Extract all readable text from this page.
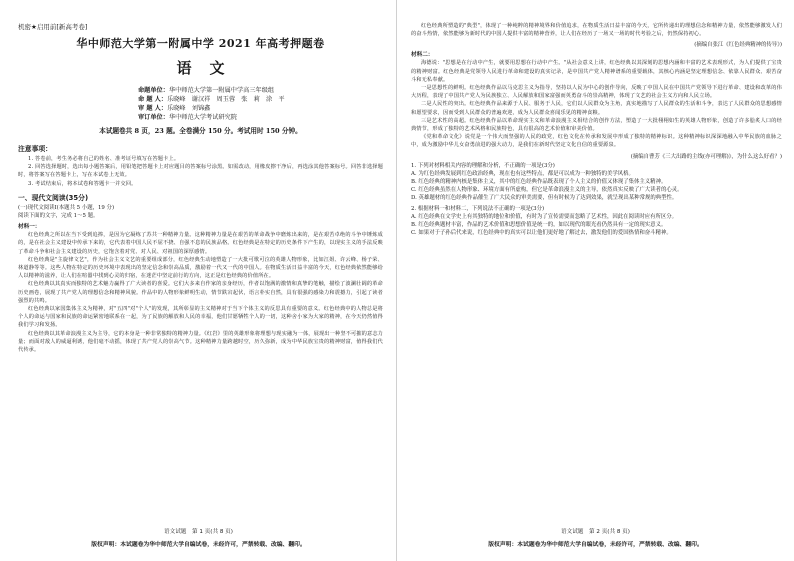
机密★启用前[新高考卷]
华中师范大学第一附属中学 2021 年高考押题卷
语文
命题单位：华中师范大学第一附属中学高三年级组
命 题 人：乐晓峰　谢汉祥　周玉蓉　张　莉　涂　平
审 题 人：乐晓峰　刘锦鑫
审订单位：华中师范大学考试研究院
本试题卷共 8 页，23 题。全卷满分 150 分。考试用时 150 分钟。
注意事项：

1. 答卷前，考生务必将自己的姓名、准考证号填写在答题卡上。

2. 回答选择题时，选出每小题答案后，用铅笔把答题卡上对应题目的答案标号涂黑。如需改动，用橡皮擦干净后，再选涂其他答案标号。回答非选择题时，将答案写在答题卡上，写在本试卷上无效。

3. 考试结束后，将本试卷和答题卡一并交回。

一、现代文阅读(35分)

(一)现代文阅读Ⅰ(本题共 5 小题，19 分)

阅读下面的文字，完成 1～5 题。

材料一：

红色经典之所以在当下受到追捧，是因为它凝练了苏共一种精神力量。这种精神力量是在艰苦的革命战争中磨炼出来的，是在艰苦卓绝的斗争中锤炼成的，是在社会主义建设中传承下来的，它代表着中国人民不屈不挠、自强不息的民族品格。红色经典是在特定的历史条件下产生的，以现实主义的手法反映了革命斗争和社会主义建设的历史，它饱含着对党、对人民、对祖国的深厚感情。

红色经典是"主旋律文艺"，作为社会主义文艺的重要组成部分，红色经典生动地塑造了一大批可歌可泣的英雄人物形象，比如江姐、许云峰、杨子荣、林道静等等。这些人物在特定的历史环境中表现出的坚定信念和崇高品质，激励着一代又一代的中国人。在物质生活日益丰富的今天，红色经典依然能够给人以精神的滋养，让人们在喧嚣中找到心灵的归宿，在迷茫中坚定前行的方向，这正是红色经典的价值所在。

红色经典以其真实而独特的艺术魅力赢得了广大读者的喜爱。它们大多来自作家的亲身经历，作者以饱满的激情和真挚的笔触，描绘了波澜壮阔的革命历史画卷，展现了共产党人的理想信念和精神风貌。作品中的人物形象鲜明生动，情节跌宕起伏，语言朴实自然，具有很强的感染力和震撼力，引起了读者强烈的共鸣。

红色经典以家国集体主义为精神，对"五四"对"个人"的发现，其所彰显的主义精神对于当下个体主义的反思具有重要的意义。红色经典中的人物总是将个人的命运与国家和民族的命运紧密地联系在一起，为了民族的解放和人民的幸福，他们甘愿牺牲个人的一切，这种舍小家为大家的精神，在今天仍然值得我们学习和发扬。

红色经典以其革命浪漫主义为主导，它的本身是一种非常独特的精神力量。《红岩》里的英雄形象将理想与现实融为一体，展现出一种坚不可摧的意志力量；而面对敌人的威逼利诱，他们毫不动摇，体现了共产党人的崇高气节。这种精神力量跨越时空，历久弥新，成为中华民族宝贵的精神财富，值得我们代代传承。

语文试题　第 1 页(共 8 页)
版权声明：本试题卷为华中师范大学自编试卷，未经许可，严禁转载、改编、翻印。

红色经典所塑造的"典型"，体现了一种纯粹的精神境界和价值追求，在物质生活日益丰富的今天，它所传递出的理想信念和精神力量，依然能够激发人们的奋斗热情，依然能够为新时代的中国人提供丰富的精神营养，让人们在经历了一场又一场的时代考验之后，仍然保持初心。

(摘编自张江《红色经典精神的传导》)
材料二：

海德说："思想是在行动中产生，就要用思想在行动中产生。"从社会意义上讲，红色经典以其深刻的思想内涵和丰富的艺术表现形式，为人们提供了宝贵的精神财富。红色经典是党领导人民进行革命和建设的真实记录，是中国共产党人精神谱系的重要载体，其核心内涵是坚定理想信念、依靠人民群众、艰苦奋斗和无私奉献。

一是思想性的鲜明。红色经典作品以马克思主义为指导，坚持以人民为中心的创作导向，反映了中国人民在中国共产党领导下进行革命、建设和改革的伟大历程，表现了中国共产党人为民族独立、人民解放和国家富强而英勇奋斗的崇高精神，体现了文艺的社会主义方向和人民立场。

二是人民性的突出。红色经典作品来源于人民、服务于人民，它们以人民群众为主角，真实地描写了人民群众的生活和斗争，表达了人民群众的思想感情和愿望要求，因而受到人民群众的普遍欢迎，成为人民群众喜闻乐见的精神食粮。

三是艺术性的高超。红色经典作品以革命现实主义和革命浪漫主义相结合的创作方法，塑造了一大批栩栩如生的英雄人物形象，创造了许多脍炙人口的经典情节，形成了独特的艺术风格和民族特色，具有很高的艺术价值和审美价值。

《党和革命文化》说党是一个伟大而坚强的人民的政党，红色文化在传承和发展中形成了独特的精神标识。这种精神标识深深地融入中华民族的血脉之中，成为激励中华儿女奋勇前进的强大动力，是我们在新时代坚定文化自信的重要源泉。

(摘编自曹芳《三大出路的主线(亦可理解)》，为什么这么好看？)

1. 下列对材料相关内容的理解和分析，不正确的一项是(3分)

A. 为红色经典发展到红色政治经典，现在也有这些特点，都是可以成为一种独特的美学风格。

B. 红色经典的精神内核是集体主义，其中的红色经典作品既表现了个人主义的价值又体现了集体主义精神。

C. 红色经典虽然在人物形象、环境方面有所虚构，但它是革命浪漫主义的主导，依然真实反映了广大读者的心灵。

D. 英雄题材的红色经典作品催生了广大民众的审美需要，但有时候为了达到效果，就呈现出某种常规的典型性。

2. 根据材料一和材料二，下列说法不正确的一项是(3分)

A. 红色经典在文学史上有其独特的地位和价值，有时为了宣传需要而忽略了艺术性，因此在阅读时应有所区分。

B. 红色经典题材丰富，作品的艺术价值和思想价值是统一的，如以现代的眼光看仍然具有一定的现实意义。

C. 如果对于子孙后代来说，红色经典中的真实可以让他们更好地了解过去，激发他们的爱国热情和奋斗精神。

语文试题　第 2 页(共 8 页)
版权声明：本试题卷为华中师范大学自编试卷，未经许可，严禁转载、改编、翻印。
